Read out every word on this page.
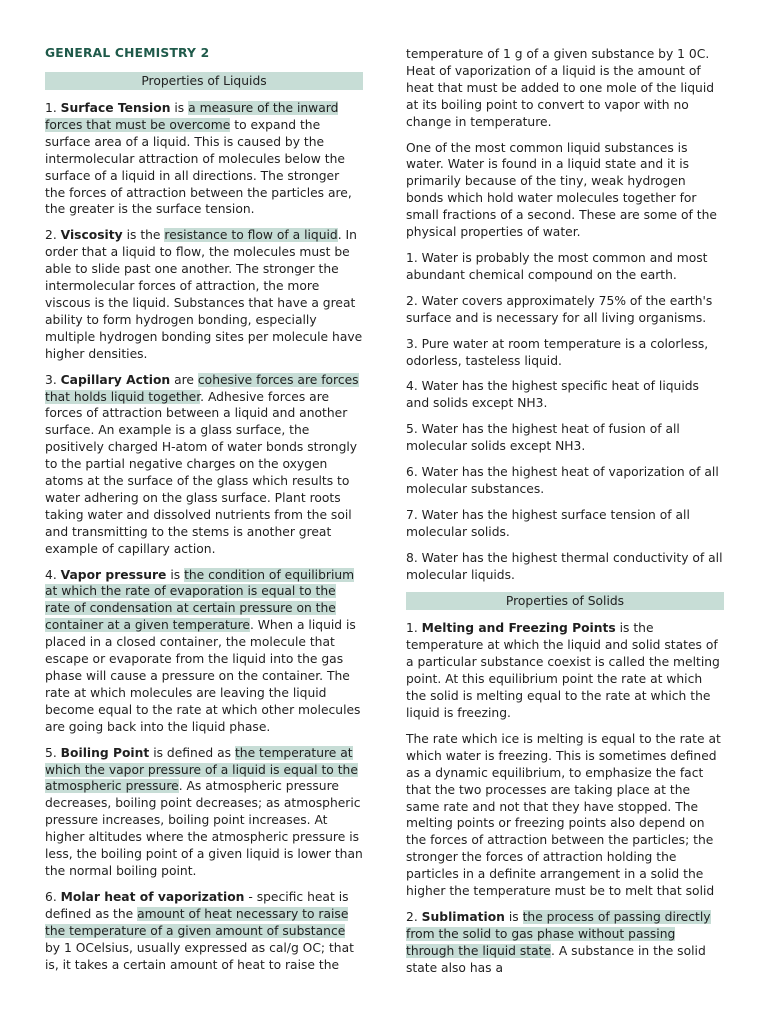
GENERAL CHEMISTRY 2
Properties of Liquids

1. Surface Tension is a measure of the inward forces that must be overcome to expand the surface area of a liquid. This is caused by the intermolecular attraction of molecules below the surface of a liquid in all directions. The stronger the forces of attraction between the particles are, the greater is the surface tension.

2. Viscosity is the resistance to flow of a liquid. In order that a liquid to flow, the molecules must be able to slide past one another. The stronger the intermolecular forces of attraction, the more viscous is the liquid. Substances that have a great ability to form hydrogen bonding, especially multiple hydrogen bonding sites per molecule have higher densities.

3. Capillary Action are cohesive forces are forces that holds liquid together. Adhesive forces are forces of attraction between a liquid and another surface. An example is a glass surface, the positively charged H-atom of water bonds strongly to the partial negative charges on the oxygen atoms at the surface of the glass which results to water adhering on the glass surface. Plant roots taking water and dissolved nutrients from the soil and transmitting to the stems is another great example of capillary action.

4. Vapor pressure is the condition of equilibrium at which the rate of evaporation is equal to the rate of condensation at certain pressure on the container at a given temperature. When a liquid is placed in a closed container, the molecule that escape or evaporate from the liquid into the gas phase will cause a pressure on the container. The rate at which molecules are leaving the liquid become equal to the rate at which other molecules are going back into the liquid phase.

5. Boiling Point is defined as the temperature at which the vapor pressure of a liquid is equal to the atmospheric pressure. As atmospheric pressure decreases, boiling point decreases; as atmospheric pressure increases, boiling point increases. At higher altitudes where the atmospheric pressure is less, the boiling point of a given liquid is lower than the normal boiling point.

6. Molar heat of vaporization - specific heat is defined as the amount of heat necessary to raise the temperature of a given amount of substance by 1 OCelsius, usually expressed as cal/g OC; that is, it takes a certain amount of heat to raise the

temperature of 1 g of a given substance by 1 0C. Heat of vaporization of a liquid is the amount of heat that must be added to one mole of the liquid at its boiling point to convert to vapor with no change in temperature.

One of the most common liquid substances is water. Water is found in a liquid state and it is primarily because of the tiny, weak hydrogen bonds which hold water molecules together for small fractions of a second. These are some of the physical properties of water.

1. Water is probably the most common and most abundant chemical compound on the earth.

2. Water covers approximately 75% of the earth's surface and is necessary for all living organisms.

3. Pure water at room temperature is a colorless, odorless, tasteless liquid.

4. Water has the highest specific heat of liquids and solids except NH3.

5. Water has the highest heat of fusion of all molecular solids except NH3.

6. Water has the highest heat of vaporization of all molecular substances.

7. Water has the highest surface tension of all molecular solids.

8. Water has the highest thermal conductivity of all molecular liquids.

Properties of Solids

1. Melting and Freezing Points is the temperature at which the liquid and solid states of a particular substance coexist is called the melting point. At this equilibrium point the rate at which the solid is melting equal to the rate at which the liquid is freezing.

The rate which ice is melting is equal to the rate at which water is freezing. This is sometimes defined as a dynamic equilibrium, to emphasize the fact that the two processes are taking place at the same rate and not that they have stopped. The melting points or freezing points also depend on the forces of attraction between the particles; the stronger the forces of attraction holding the particles in a definite arrangement in a solid the higher the temperature must be to melt that solid

2. Sublimation is the process of passing directly from the solid to gas phase without passing through the liquid state. A substance in the solid state also has a
